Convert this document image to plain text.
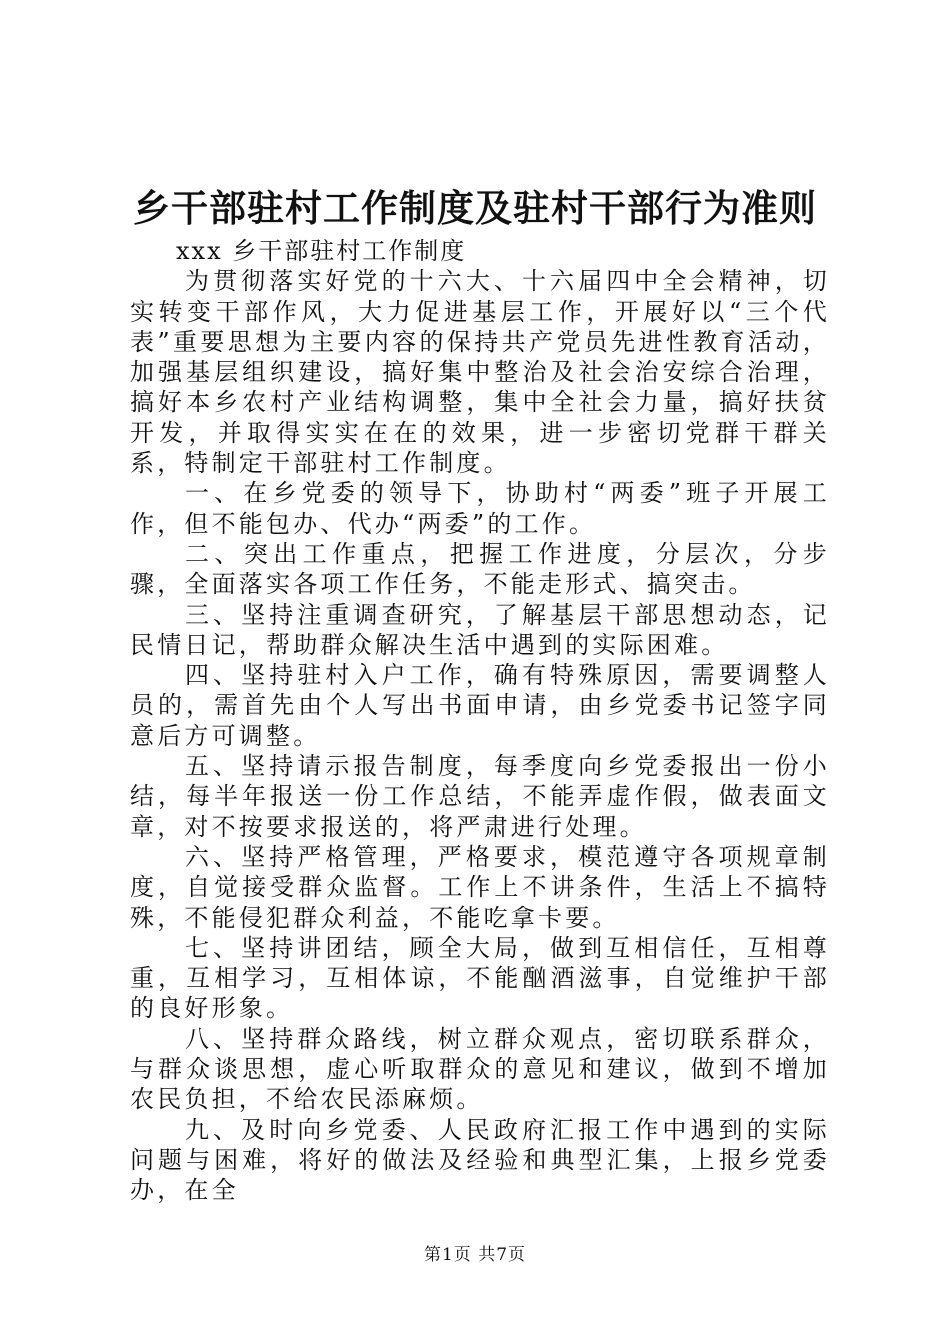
乡干部驻村工作制度及驻村干部行为准则

xxx 乡干部驻村工作制度

为贯彻落实好党的十六大、十六届四中全会精神，切实转变干部作风，大力促进基层工作，开展好以“三个代表”重要思想为主要内容的保持共产党员先进性教育活动，加强基层组织建设，搞好集中整治及社会治安综合治理，搞好本乡农村产业结构调整，集中全社会力量，搞好扶贫开发，并取得实实在在的效果，进一步密切党群干群关系，特制定干部驻村工作制度。

一、在乡党委的领导下，协助村“两委”班子开展工作，但不能包办、代办“两委”的工作。

二、突出工作重点，把握工作进度，分层次，分步骤，全面落实各项工作任务，不能走形式、搞突击。

三、坚持注重调查研究，了解基层干部思想动态，记民情日记，帮助群众解决生活中遇到的实际困难。

四、坚持驻村入户工作，确有特殊原因，需要调整人员的，需首先由个人写出书面申请，由乡党委书记签字同意后方可调整。

五、坚持请示报告制度，每季度向乡党委报出一份小结，每半年报送一份工作总结，不能弄虚作假，做表面文章，对不按要求报送的，将严肃进行处理。

六、坚持严格管理，严格要求，模范遵守各项规章制度，自觉接受群众监督。工作上不讲条件，生活上不搞特殊，不能侵犯群众利益，不能吃拿卡要。

七、坚持讲团结，顾全大局，做到互相信任，互相尊重，互相学习，互相体谅，不能酗酒滋事，自觉维护干部的良好形象。

八、坚持群众路线，树立群众观点，密切联系群众，与群众谈思想，虚心听取群众的意见和建议，做到不增加农民负担，不给农民添麻烦。

九、及时向乡党委、人民政府汇报工作中遇到的实际问题与困难，将好的做法及经验和典型汇集，上报乡党委办，在全

第1页 共7页
